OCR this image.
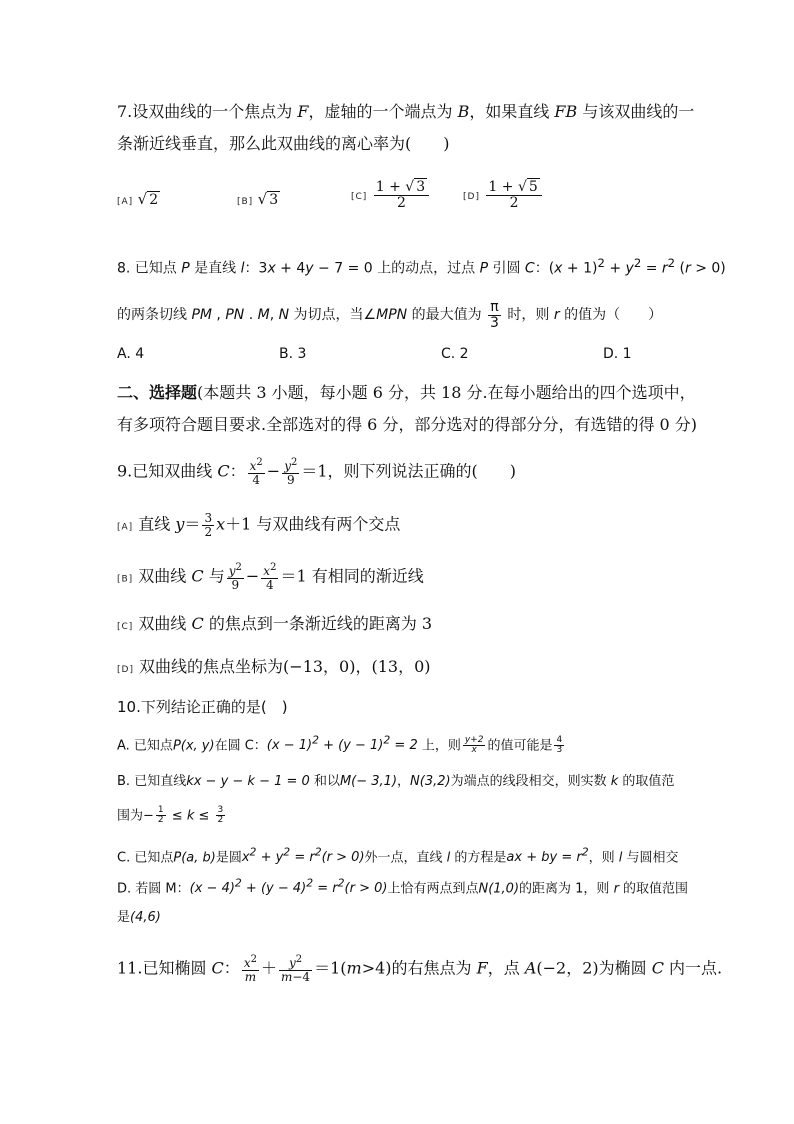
7.设双曲线的一个焦点为 F，虚轴的一个端点为 B，如果直线 FB 与该双曲线的一
条渐近线垂直，那么此双曲线的离心率为(　　)
[A] √ 2	[B] √ 3	$[C] \frac{1 + √ 3}{2}$	$[D] \frac{1 + √ 5}{2}$
8. 已知点 P 是直线 l：3x + 4y − 7 = 0 上的动点，过点 P 引圆 C：$(x + 1)^2 + y^2 = r^2$ (r > 0)
的两条切线 PM , PN . M, N 为切点，当∠MPN 的最大值为 $\frac{\pi}{3}$ 时，则 r 的值为（　　）
A. 4	B. 3	C. 2	D. 1
二、选择题(本题共 3 小题，每小题 6 分，共 18 分.在每小题给出的四个选项中，
有多项符合题目要求.全部选对的得 6 分，部分选对的得部分分，有选错的得 0 分)
9.已知双曲线 C： $\frac{x^2}{4} - \frac{y^2}{9} =1$，则下列说法正确的(　　)
[A] 直线 $y= \frac{3}{2} x+1$ 与双曲线有两个交点
[B] 双曲线 C 与 $\frac{y^2}{9} - \frac{x^2}{4} =1$ 有相同的渐近线
[C] 双曲线 C 的焦点到一条渐近线的距离为 3
[D] 双曲线的焦点坐标为(−13，0)，(13，0)
10.下列结论正确的是(　)
A. 已知点P(x, y)在圆 C：$(x - 1)^2 + (y - 1)^2 = 2$ 上，则 $\frac{y+2}{x}$ 的值可能是 $\frac{4}{3}$
B. 已知直线kx − y − k − 1 = 0 和以M(− 3,1)，N(3,2)为端点的线段相交，则实数 k 的取值范
围为− $\frac{1}{2} \le k \le \frac{3}{2}$
C. 已知点P(a, b)是圆$x^2 + y^2 = r^2(r > 0)$外一点，直线 l 的方程是ax + by = $r^2$，则 l 与圆相交
D. 若圆 M：$(x - 4)^2 + (y - 4)^2 = r^2(r > 0)$上恰有两点到点N(1,0)的距离为 1，则 r 的取值范围
是(4,6)
11.已知椭圆 C： $\frac{x^2}{m} + \frac{y^2}{m-4} =1(m>4)$的右焦点为 F，点 A(−2，2)为椭圆 C 内一点.
